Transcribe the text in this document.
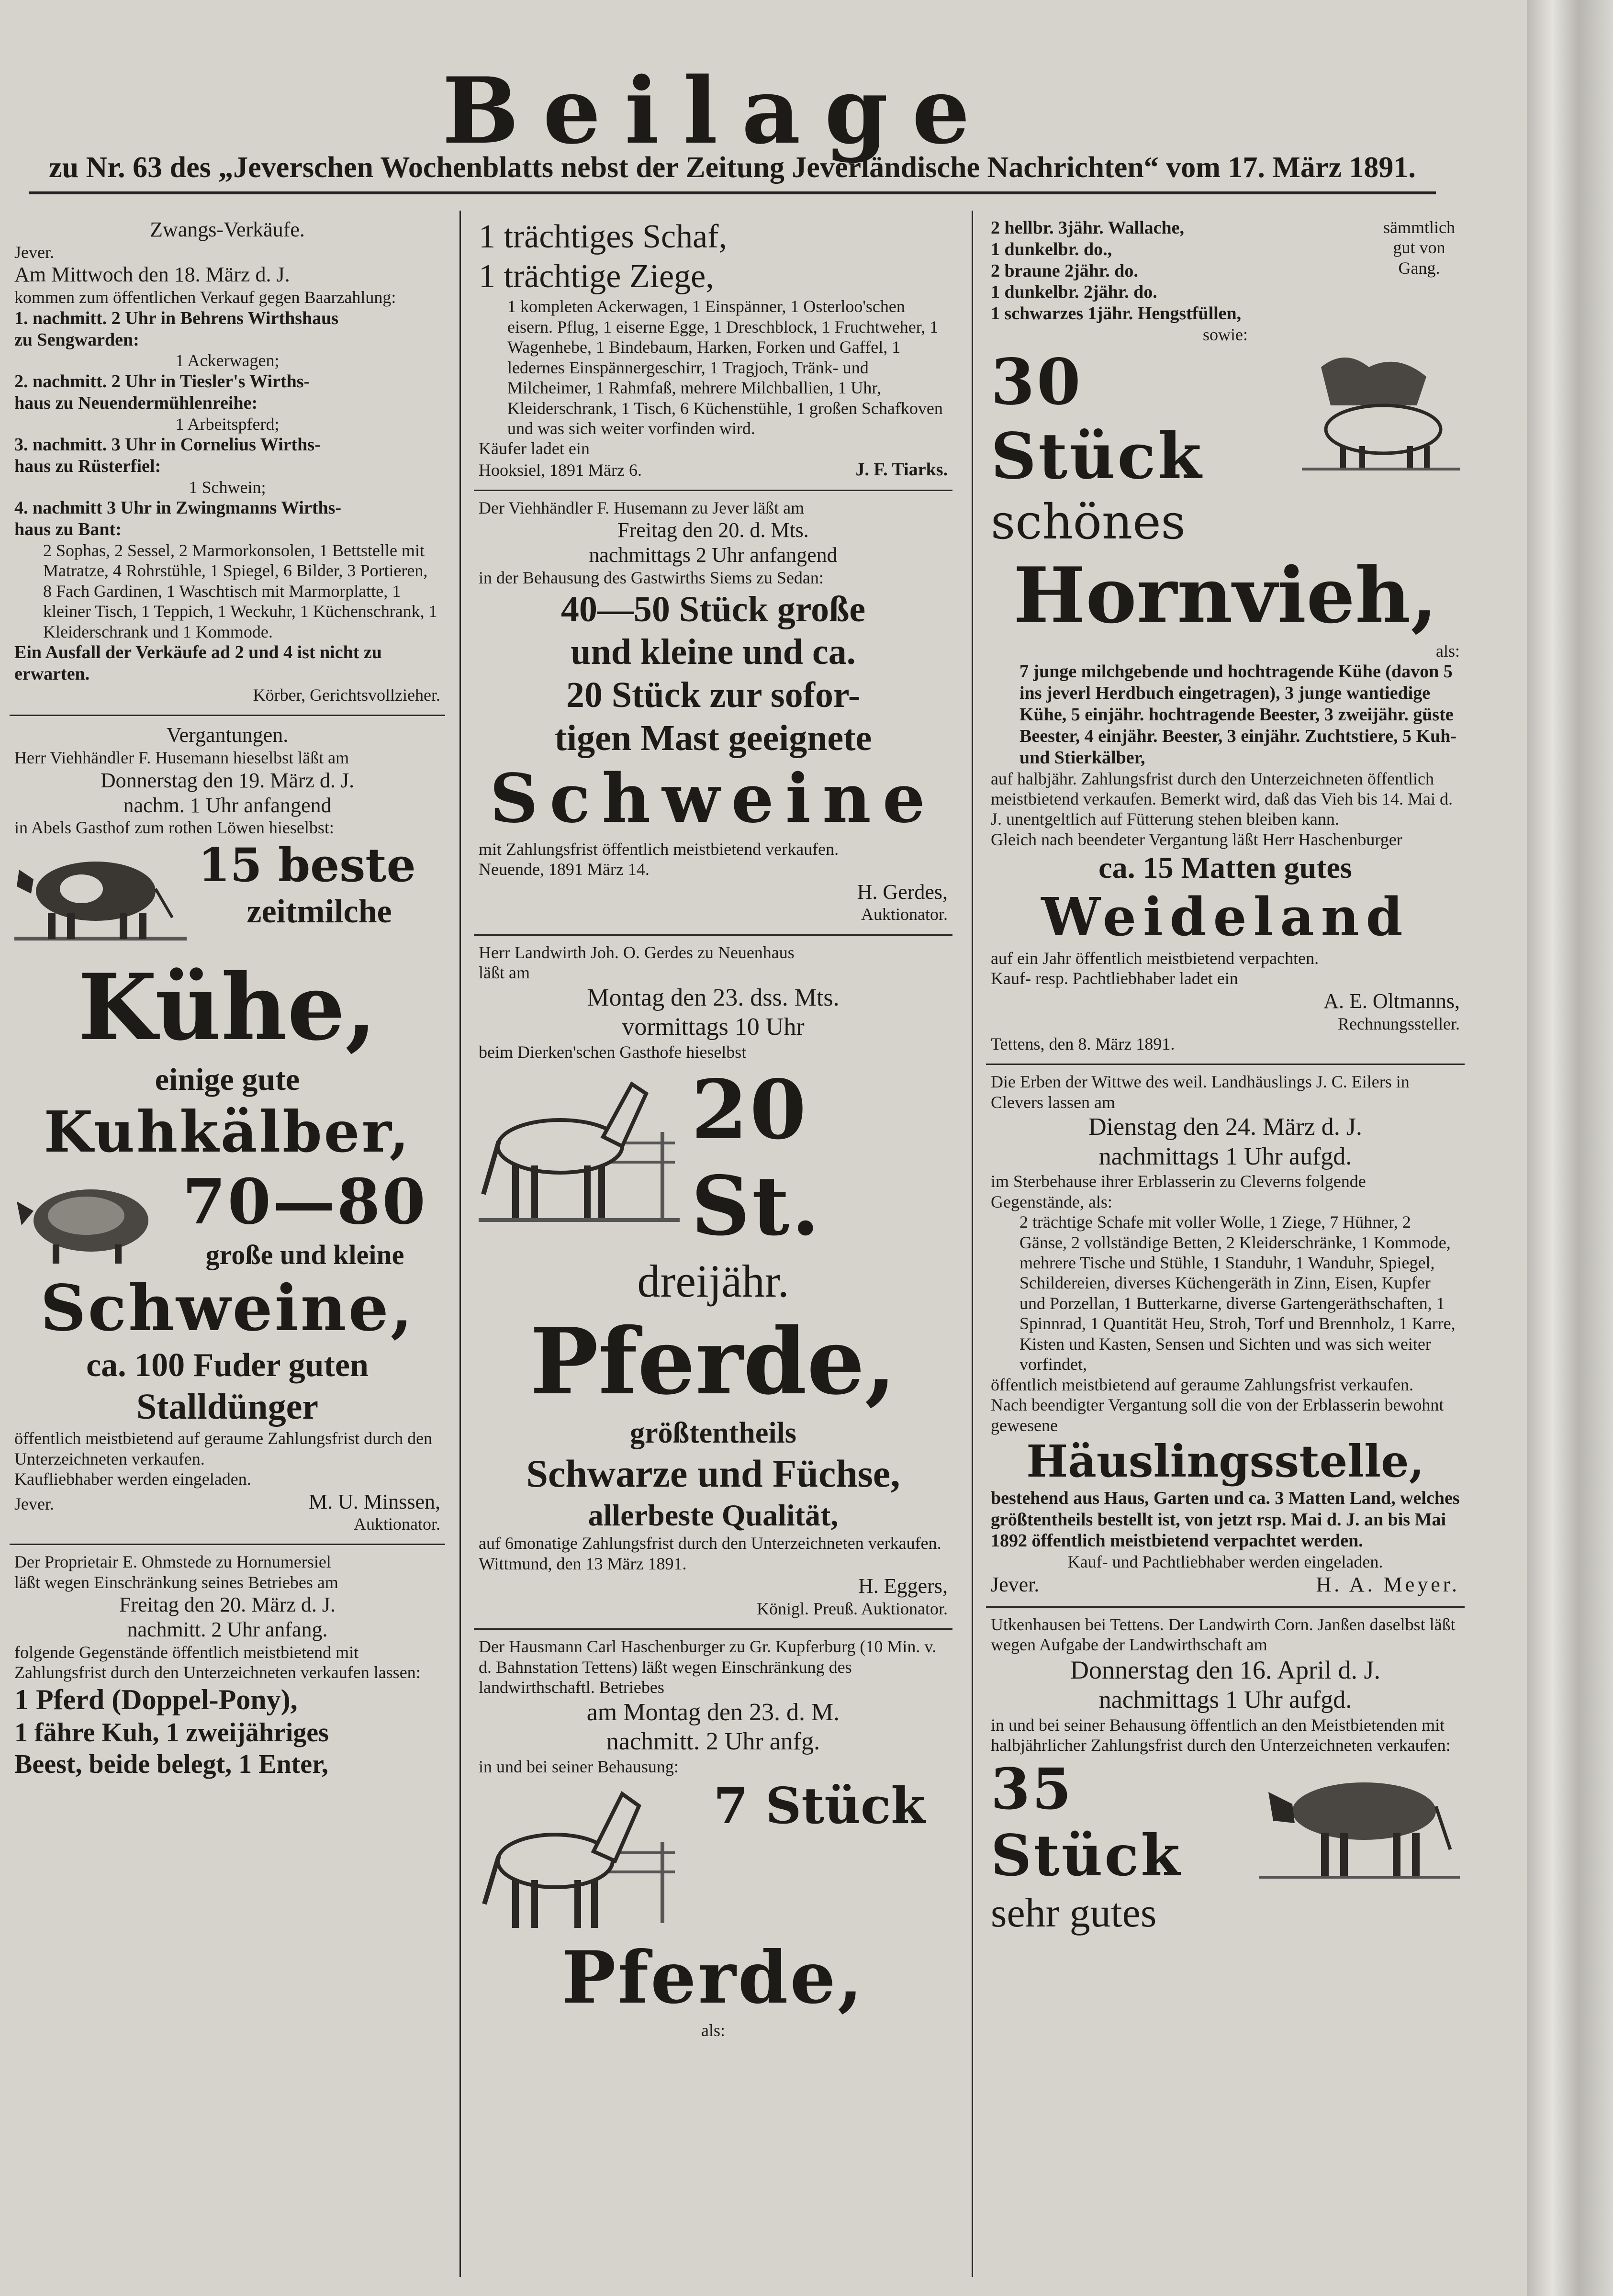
Beilage
zu Nr. 63 des „Jeverschen Wochenblatts nebst der Zeitung Jeverländische Nachrichten“ vom 17. März 1891.

Zwangs-Verkäufe.

Jever.

Am Mittwoch den 18. März d. J.

kommen zum öffentlichen Verkauf gegen Baarzahlung:

1. nachmitt. 2 Uhr in Behrens Wirthshaus

zu Sengwarden:

1 Ackerwagen;

2. nachmitt. 2 Uhr in Tiesler's Wirths-

haus zu Neuendermühlenreihe:

1 Arbeitspferd;

3. nachmitt. 3 Uhr in Cornelius Wirths-

haus zu Rüsterfiel:

1 Schwein;

4. nachmitt 3 Uhr in Zwingmanns Wirths-

haus zu Bant:

2 Sophas, 2 Sessel, 2 Marmorkonsolen, 1 Bettstelle mit Matratze, 4 Rohrstühle, 1 Spiegel, 6 Bilder, 3 Portieren, 8 Fach Gardinen, 1 Waschtisch mit Marmorplatte, 1 kleiner Tisch, 1 Teppich, 1 Weckuhr, 1 Küchenschrank, 1 Kleiderschrank und 1 Kommode.

Ein Ausfall der Verkäufe ad 2 und 4 ist nicht zu erwarten.

Körber, Gerichtsvollzieher.

Vergantungen.

Herr Viehhändler F. Husemann hieselbst läßt am

Donnerstag den 19. März d. J.

nachm. 1 Uhr anfangend

in Abels Gasthof zum rothen Löwen hieselbst:

15 beste

zeitmilche

Kühe,

einige gute

Kuhkälber,

70—80

große und kleine

Schweine,

ca. 100 Fuder guten

Stalldünger

öffentlich meistbietend auf geraume Zahlungsfrist durch den Unterzeichneten verkaufen.

Kaufliebhaber werden eingeladen.

Jever.	M. U. Minssen,

Auktionator.

Der Proprietair E. Ohmstede zu Hornumersiel

läßt wegen Einschränkung seines Betriebes am

Freitag den 20. März d. J.

nachmitt. 2 Uhr anfang.

folgende Gegenstände öffentlich meistbietend mit Zahlungsfrist durch den Unterzeichneten verkaufen lassen:

1 Pferd (Doppel-Pony),

1 fähre Kuh, 1 zweijähriges

Beest, beide belegt, 1 Enter,

1 trächtiges Schaf,

1 trächtige Ziege,

1 kompleten Ackerwagen, 1 Einspänner, 1 Osterloo'schen eisern. Pflug, 1 eiserne Egge, 1 Dreschblock, 1 Fruchtweher, 1 Wagenhebe, 1 Bindebaum, Harken, Forken und Gaffel, 1 ledernes Einspännergeschirr, 1 Tragjoch, Tränk- und Milcheimer, 1 Rahmfaß, mehrere Milchballien, 1 Uhr, Kleiderschrank, 1 Tisch, 6 Küchenstühle, 1 großen Schafkoven und was sich weiter vorfinden wird.

Käufer ladet ein

Hooksiel, 1891 März 6.	J. F. Tiarks.

Der Viehhändler F. Husemann zu Jever läßt am

Freitag den 20. d. Mts.

nachmittags 2 Uhr anfangend

in der Behausung des Gastwirths Siems zu Sedan:

40—50 Stück große

und kleine und ca.

20 Stück zur sofor-

tigen Mast geeignete

Schweine

mit Zahlungsfrist öffentlich meistbietend verkaufen.

Neuende, 1891 März 14.

H. Gerdes,

Auktionator.

Herr Landwirth Joh. O. Gerdes zu Neuenhaus

läßt am

Montag den 23. dss. Mts.

vormittags 10 Uhr

beim Dierken'schen Gasthofe hieselbst

20 St.

dreijähr.

Pferde,

größtentheils

Schwarze und Füchse,

allerbeste Qualität,

auf 6monatige Zahlungsfrist durch den Unterzeichneten verkaufen.

Wittmund, den 13 März 1891.

H. Eggers,

Königl. Preuß. Auktionator.

Der Hausmann Carl Haschenburger zu Gr. Kupferburg (10 Min. v. d. Bahnstation Tettens) läßt wegen Einschränkung des landwirthschaftl. Betriebes

am Montag den 23. d. M.

nachmitt. 2 Uhr anfg.

in und bei seiner Behausung:

7 Stück

Pferde,

als:

2 hellbr. 3jähr. Wallache,

1 dunkelbr. do.,

2 braune 2jähr. do.

1 dunkelbr. 2jähr. do.

1 schwarzes 1jähr. Hengstfüllen,

sämmtlich gut von Gang.

sowie:

30 Stück

schönes

Hornvieh,

als:

7 junge milchgebende und hochtragende Kühe (davon 5 ins jeverl Herdbuch eingetragen), 3 junge wantiedige Kühe, 5 einjähr. hochtragende Beester, 3 zweijähr. güste Beester, 4 einjähr. Beester, 3 einjähr. Zuchtstiere, 5 Kuh- und Stierkälber,

auf halbjähr. Zahlungsfrist durch den Unterzeichneten öffentlich meistbietend verkaufen. Bemerkt wird, daß das Vieh bis 14. Mai d. J. unentgeltlich auf Fütterung stehen bleiben kann.

Gleich nach beendeter Vergantung läßt Herr Haschenburger

ca. 15 Matten gutes

Weideland

auf ein Jahr öffentlich meistbietend verpachten.

Kauf- resp. Pachtliebhaber ladet ein

A. E. Oltmanns,

Rechnungssteller.

Tettens, den 8. März 1891.

Die Erben der Wittwe des weil. Landhäuslings J. C. Eilers in Clevers lassen am

Dienstag den 24. März d. J.

nachmittags 1 Uhr aufgd.

im Sterbehause ihrer Erblasserin zu Cleverns folgende Gegenstände, als:

2 trächtige Schafe mit voller Wolle, 1 Ziege, 7 Hühner, 2 Gänse, 2 vollständige Betten, 2 Kleiderschränke, 1 Kommode, mehrere Tische und Stühle, 1 Standuhr, 1 Wanduhr, Spiegel, Schildereien, diverses Küchengeräth in Zinn, Eisen, Kupfer und Porzellan, 1 Butterkarne, diverse Gartengeräthschaften, 1 Spinnrad, 1 Quantität Heu, Stroh, Torf und Brennholz, 1 Karre, Kisten und Kasten, Sensen und Sichten und was sich weiter vorfindet,

öffentlich meistbietend auf geraume Zahlungsfrist verkaufen.

Nach beendigter Vergantung soll die von der Erblasserin bewohnt gewesene

Häuslingsstelle,

bestehend aus Haus, Garten und ca. 3 Matten Land, welches größtentheils bestellt ist, von jetzt rsp. Mai d. J. an bis Mai 1892 öffentlich meistbietend verpachtet werden.

Kauf- und Pachtliebhaber werden eingeladen.

Jever.	H. A. Meyer.

Utkenhausen bei Tettens. Der Landwirth Corn. Janßen daselbst läßt wegen Aufgabe der Landwirthschaft am

Donnerstag den 16. April d. J.

nachmittags 1 Uhr aufgd.

in und bei seiner Behausung öffentlich an den Meistbietenden mit halbjährlicher Zahlungsfrist durch den Unterzeichneten verkaufen:

35 Stück

sehr gutes
